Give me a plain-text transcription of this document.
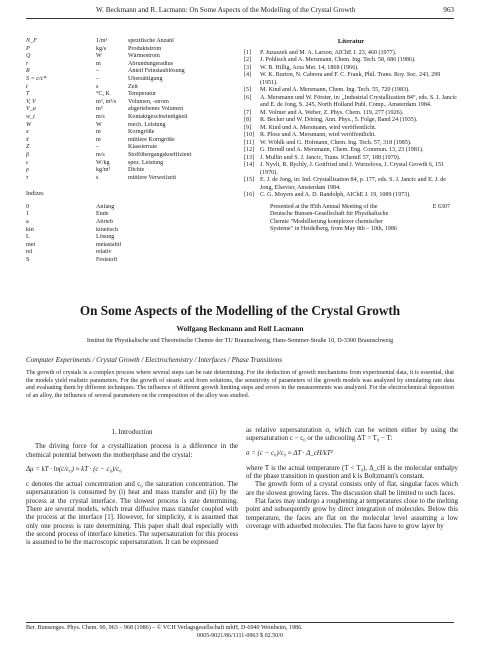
W. Beckmann and R. Lacmann: On Some Aspects of the Modelling of the Crystal Growth	963
N_F	1/m³	spezifische Anzahl
P	kg/s	Produktstrom
Q̇	W	Wärmestrom
r	m	Abrundungsradius
R	–	Anteil Feinstaublösung
S = c/c*	–	Übersättigung
t	s	Zeit
T	°C, K	Temperatur
V, V̇	m³, m³/s	Volumen, -strom
V_a	m³	abgeriebenes Volumen
w_t	m/s	Kontaktgeschwindigkeit
Ẇ	W	mech. Leistung
x	m	Korngröße
x̄	m	mittlere Korngröße
Z	–	Klassierrate
β	m/s	Stoffübergangskoeffizient
ε	W/kg	spez. Leistung
ρ	kg/m³	Dichte
τ	s	mittlere Verweilzeit
Indizes
0	Anfang
1	Ende
a	Abrieb
kin	kinetisch
L	Lösung
met	metastabil
rel	relativ
S	Feststoff
Literatur
[1]	P. Juzaszek and M. A. Larson, AIChE J. 23, 460 (1977).
[2]	J. Pohlisch and A. Mersmann, Chem. Ing. Tech. 58, 686 (1986).
[3]	W. B. Hillig, Acta Met. 14, 1868 (1966).
[4]	W. K. Burton, N. Cabrera and F. C. Frank, Phil. Trans. Roy. Soc. 243, 299 (1951).
[5]	M. Kind and A. Mersmann, Chem. Ing. Tech. 55, 720 (1983).
[6]	A. Mersmann und W. Förster, in: „Industrial Crystallization 84“, eds. S. J. Jancic and E. de Jong, S. 245, North Holland Publ. Comp., Amsterdam 1984.
[7]	M. Volmer and A. Weber, Z. Phys. Chem. 119, 277 (1926).
[8]	R. Becker und W. Döring, Ann. Phys., 5. Folge, Band 24 (1935).
[9]	M. Kind und A. Mersmann, wird veröffentlicht.
[10] R. Ploss und A. Mersmann, wird veröffentlicht.
[11] W. Wöhlk und G. Hofmann, Chem. Ing. Tech. 57, 318 (1985).
[12] G. Herndl und A. Mersmann, Chem. Eng. Commun. 13, 23 (1981).
[13] J. Mullin und S. J. Jancic, Trans. IChemE 57, 188 (1979).
[14] J. Nyvlt, R. Rychly, J. Gottfried und J. Wurzelova, J. Crystal Growth 6, 151 (1970).
[15] E. J. de Jong, in: Ind. Crystallization 84, p. 177, eds. S. J. Jancic and E. J. de Jong, Elsevier, Amsterdam 1984.
[16] C. G. Moyers and A. D. Randolph, AIChE J. 19, 1089 (1973).
Presented at the 85th Annual Meeting of the Deutsche Bunsen-Gesellschaft für Physikalische Chemie "Modellierung komplexer chemischer Systeme" in Heidelberg, from May 8th – 10th, 1986
E 6307
On Some Aspects of the Modelling of the Crystal Growth
Wolfgang Beckmann and Rolf Lacmann
Institut für Physikalische und Theoretische Chemie der TU Braunschweig, Hans-Sommer-Straße 10, D-3300 Braunschweig
Computer Experiments / Crystal Growth / Electrochemistry / Interfaces / Phase Transitions
The growth of crystals is a complex process where several steps can be rate determining. For the deduction of growth mechanisms from experimental data, it is essential, that the models yield realistic parameters. For the growth of stearic acid from solutions, the sensitivity of parameters of the growth models was analyzed by simulating rate data and evaluating them by different techniques. The influence of different growth limiting steps and errors in the measurements was analyzed. For the electrochemical deposition of an alloy, the influence of several parameters on the composition of the alloy was studied.
1. Introduction

The driving force for a crystallization process is a difference in the chemical potential between the motherphase and the crystal:

Δμ = kT · ln(c/c₀) ≈ kT · (c − c₀)/c₀

c denotes the actual concentration and c₀ the saturation concentration. The supersaturation is consumed by (i) heat and mass transfer and (ii) by the process at the crystal interface. The slowest process is rate determining. There are several models, which treat diffusive mass transfer coupled with the process at the interface [1]. However, for simplicity, it is assumed that only one process is rate determining. This paper shall deal especially with the second process of interface kinetics. The supersaturation for this process is assumed to be the macroscopic supersaturation. It can be expressed

as relative supersaturation σ, which can be written either by using the supersaturation c − c₀ or the subcooling ΔT = T₀ − T:

σ = (c − c₀)/c₀ ≈ ΔT · Δ_cH/kT²

where T is the actual temperature (T < T₀), Δ_cH is the molecular enthalpy of the phase transition in question and k is Boltzmann's constant.

The growth form of a crystal consists only of flat, singular faces which are the slowest growing faces. The discussion shall be limited to such faces.

Flat faces may undergo a roughening at temperatures close to the melting point and subsequently grow by direct integration of molecules. Below this temperature, the faces are flat on the molecular level assuming a low coverage with adsorbed molecules. The flat faces have to grow layer by

Ber. Bunsenges. Phys. Chem. 90, 963 – 968 (1986) – © VCH Verlagsgesellschaft mbH, D-6940 Weinheim, 1986.
0005-9021/86/1111-0963 $ 02.50/0
